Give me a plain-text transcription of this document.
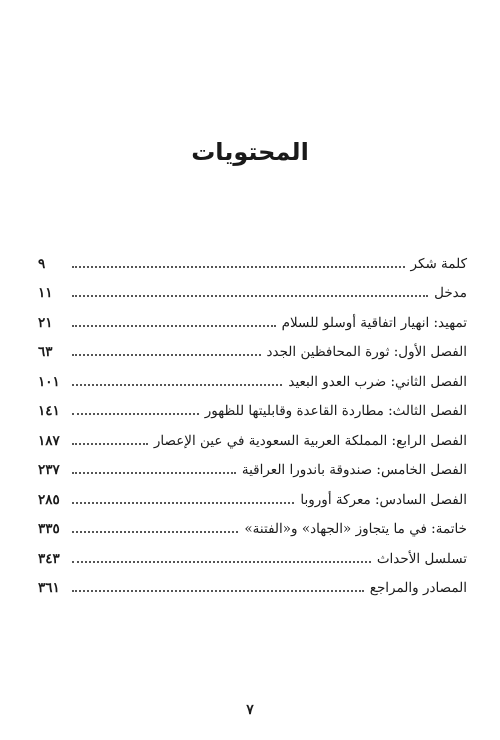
المحتويات
كلمة شكر
٩
مدخل
١١
تمهيد: انهيار اتفاقية أوسلو للسلام
٢١
الفصل الأول: ثورة المحافظين الجدد
٦٣
الفصل الثاني: ضرب العدو البعيد
١٠١
الفصل الثالث: مطاردة القاعدة وقابليتها للظهور
١٤١
الفصل الرابع: المملكة العربية السعودية في عين الإعصار
١٨٧
الفصل الخامس: صندوقة باندورا العراقية
٢٣٧
الفصل السادس: معركة أوروبا
٢٨٥
خاتمة: في ما يتجاوز «الجهاد» و«الفتنة»
٣٣٥
تسلسل الأحداث
٣٤٣
المصادر والمراجع
٣٦١
٧
